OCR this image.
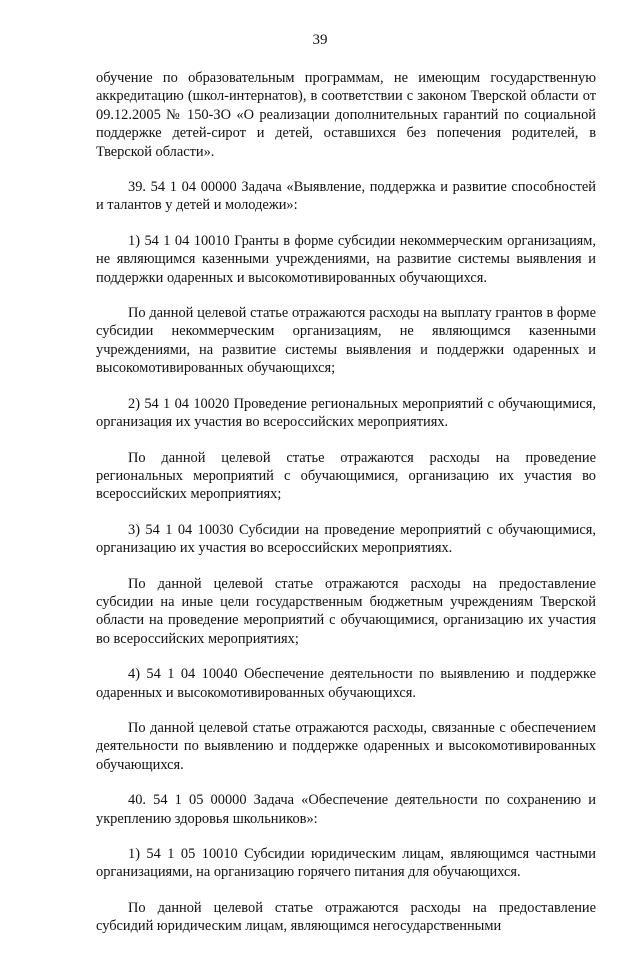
39

обучение по образовательным программам, не имеющим государственную аккредитацию (школ-интернатов), в соответствии с законом Тверской области от 09.12.2005 № 150-ЗО «О реализации дополнительных гарантий по социальной поддержке детей-сирот и детей, оставшихся без попечения родителей, в Тверской области».

39. 54 1 04 00000 Задача «Выявление, поддержка и развитие способностей и талантов у детей и молодежи»:

1) 54 1 04 10010 Гранты в форме субсидии некоммерческим организациям, не являющимся казенными учреждениями, на развитие системы выявления и поддержки одаренных и высокомотивированных обучающихся.

По данной целевой статье отражаются расходы на выплату грантов в форме субсидии некоммерческим организациям, не являющимся казенными учреждениями, на развитие системы выявления и поддержки одаренных и высокомотивированных обучающихся;

2) 54 1 04 10020 Проведение региональных мероприятий с обучающимися, организация их участия во всероссийских мероприятиях.

По данной целевой статье отражаются расходы на проведение региональных мероприятий с обучающимися, организацию их участия во всероссийских мероприятиях;

3) 54 1 04 10030 Субсидии на проведение мероприятий с обучающимися, организацию их участия во всероссийских мероприятиях.

По данной целевой статье отражаются расходы на предоставление субсидии на иные цели государственным бюджетным учреждениям Тверской области на проведение мероприятий с обучающимися, организацию их участия во всероссийских мероприятиях;

4) 54 1 04 10040 Обеспечение деятельности по выявлению и поддержке одаренных и высокомотивированных обучающихся.

По данной целевой статье отражаются расходы, связанные с обеспечением деятельности по выявлению и поддержке одаренных и высокомотивированных обучающихся.

40. 54 1 05 00000 Задача «Обеспечение деятельности по сохранению и укреплению здоровья школьников»:

1) 54 1 05 10010 Субсидии юридическим лицам, являющимся частными организациями, на организацию горячего питания для обучающихся.

По данной целевой статье отражаются расходы на предоставление субсидий юридическим лицам, являющимся негосударственными
